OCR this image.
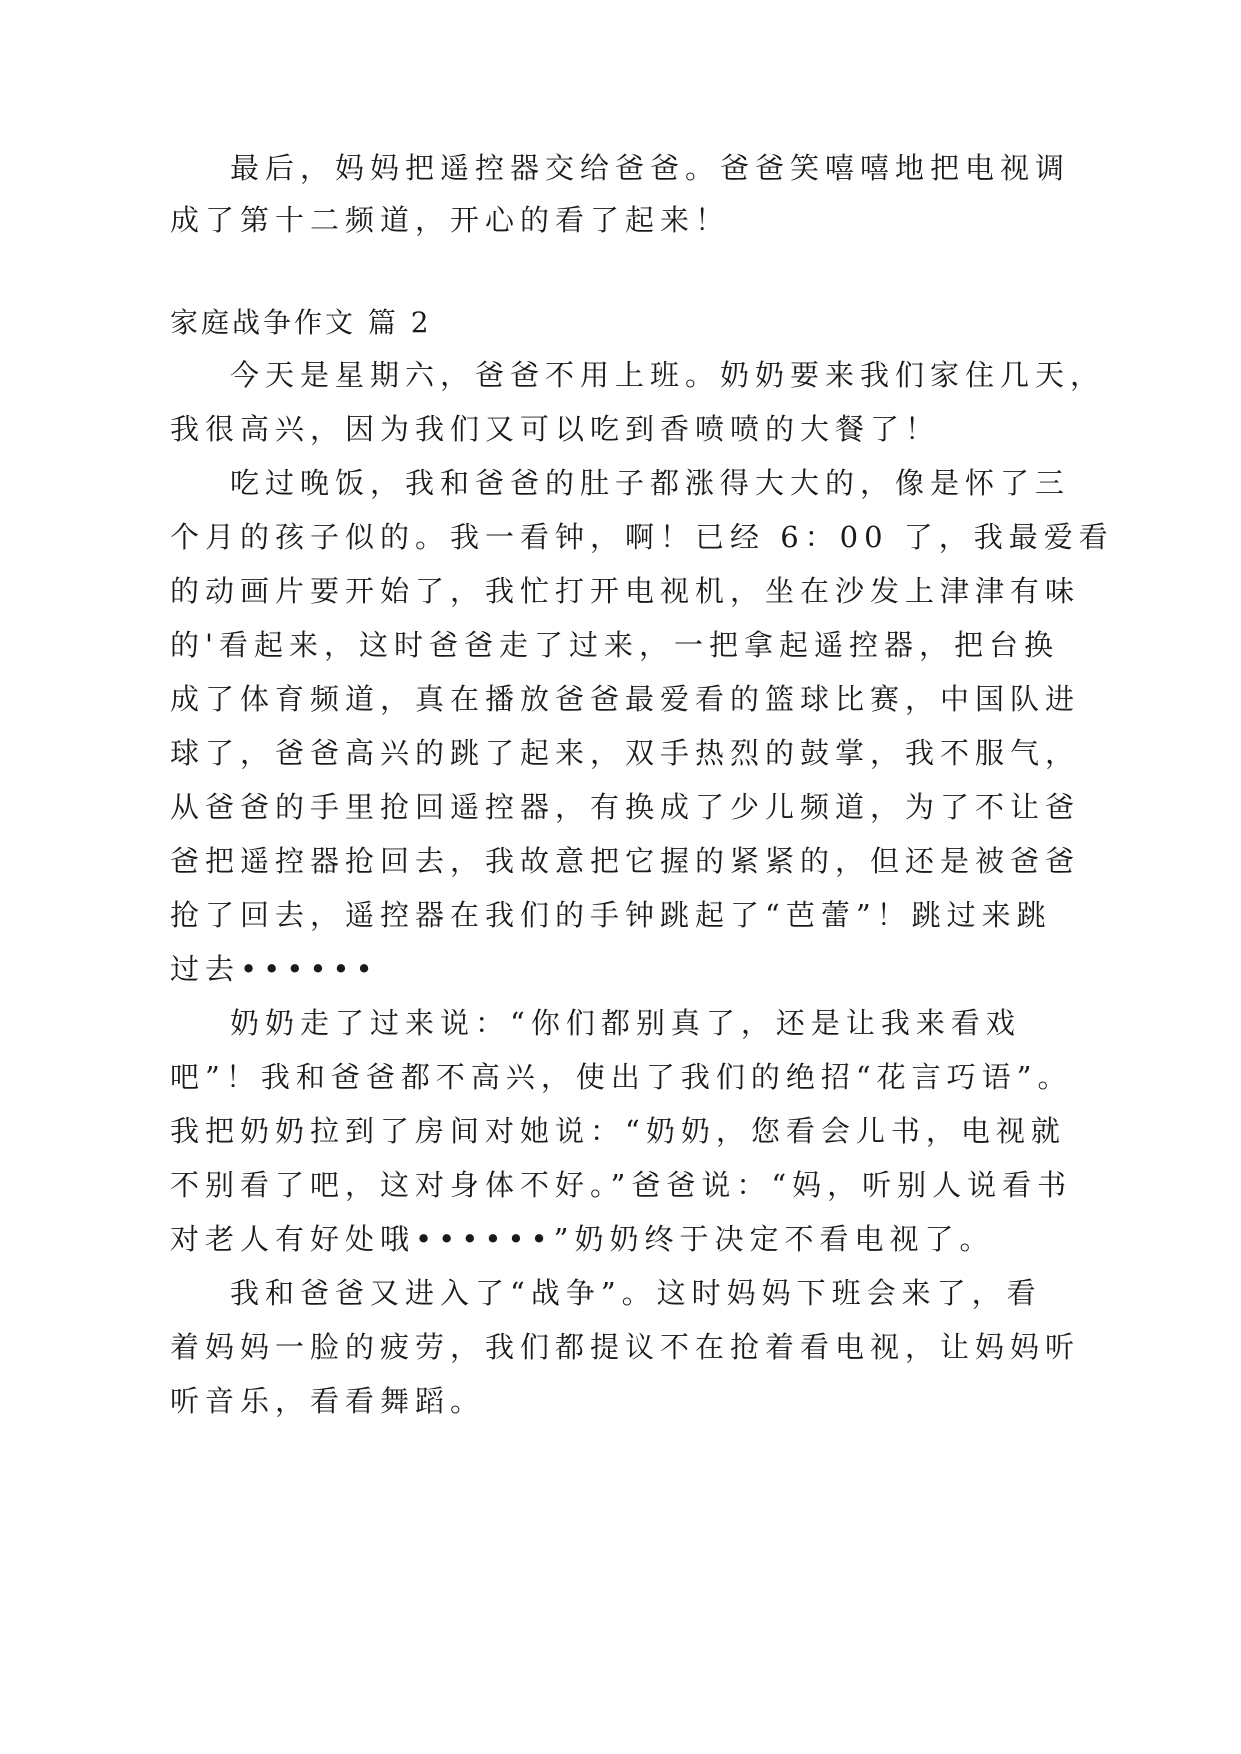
最后，妈妈把遥控器交给爸爸。爸爸笑嘻嘻地把电视调

成了第十二频道，开心的看了起来！

家庭战争作文 篇 2

今天是星期六，爸爸不用上班。奶奶要来我们家住几天，

我很高兴，因为我们又可以吃到香喷喷的大餐了！

吃过晚饭，我和爸爸的肚子都涨得大大的，像是怀了三

个月的孩子似的。我一看钟，啊！已经 6：00 了，我最爱看

的动画片要开始了，我忙打开电视机，坐在沙发上津津有味

的'看起来，这时爸爸走了过来，一把拿起遥控器，把台换

成了体育频道，真在播放爸爸最爱看的篮球比赛，中国队进

球了，爸爸高兴的跳了起来，双手热烈的鼓掌，我不服气，

从爸爸的手里抢回遥控器，有换成了少儿频道，为了不让爸

爸把遥控器抢回去，我故意把它握的紧紧的，但还是被爸爸

抢了回去，遥控器在我们的手钟跳起了“芭蕾”！跳过来跳

过去••••••

奶奶走了过来说：“你们都别真了，还是让我来看戏

吧”！我和爸爸都不高兴，使出了我们的绝招“花言巧语”。

我把奶奶拉到了房间对她说：“奶奶，您看会儿书，电视就

不别看了吧，这对身体不好。”爸爸说：“妈，听别人说看书

对老人有好处哦••••••”奶奶终于决定不看电视了。

我和爸爸又进入了“战争”。这时妈妈下班会来了，看

着妈妈一脸的疲劳，我们都提议不在抢着看电视，让妈妈听

听音乐，看看舞蹈。
